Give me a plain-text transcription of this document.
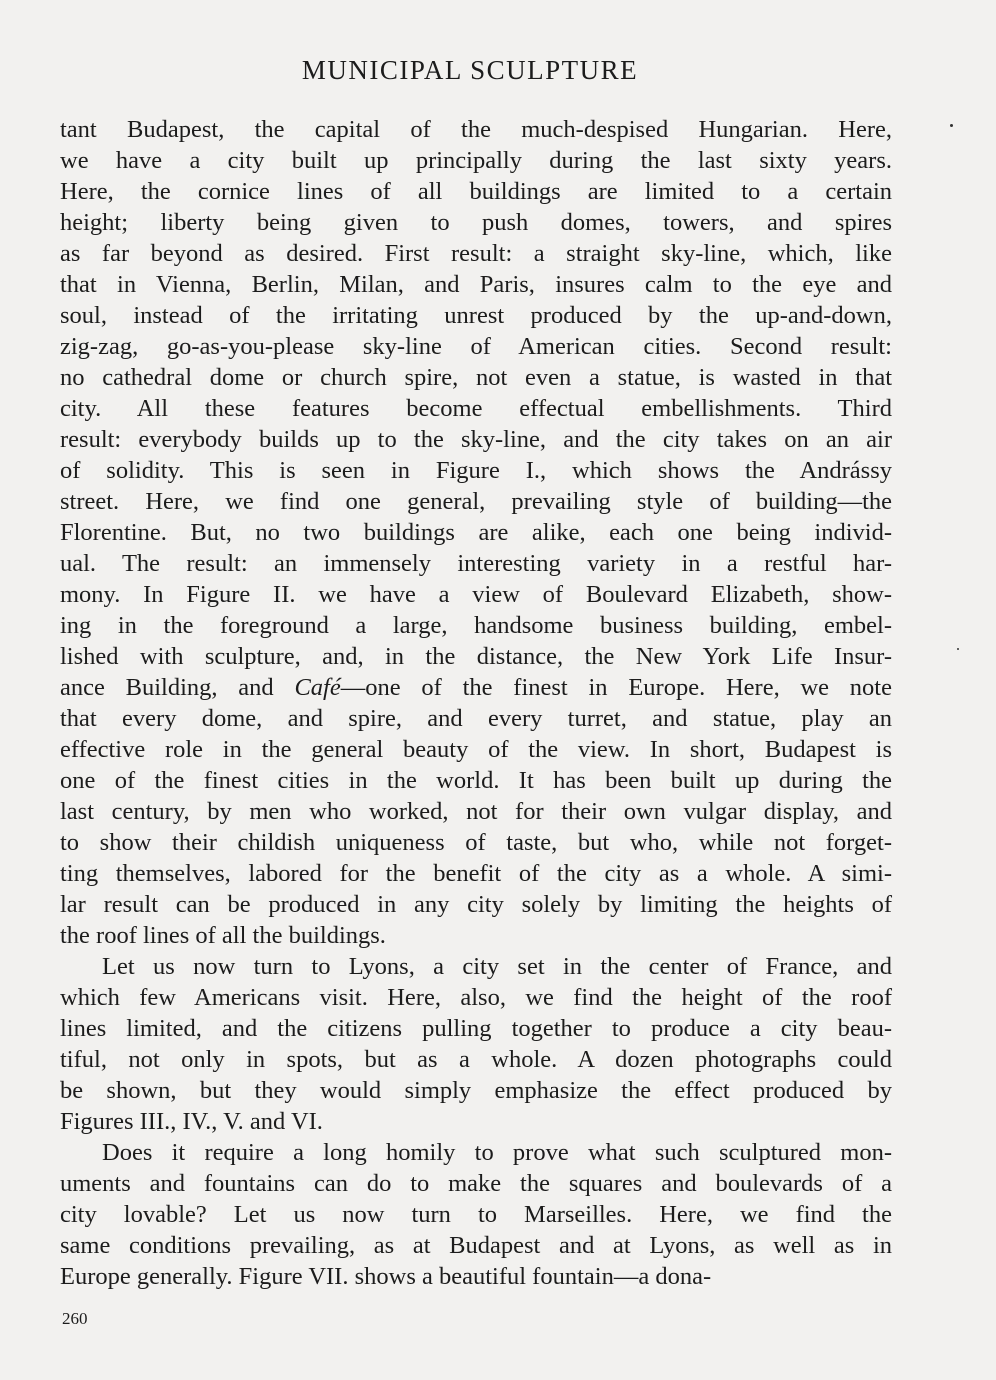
MUNICIPAL SCULPTURE
tant Budapest, the capital of the much-despised Hungarian. Here,
we have a city built up principally during the last sixty years.
Here, the cornice lines of all buildings are limited to a certain
height; liberty being given to push domes, towers, and spires
as far beyond as desired. First result: a straight sky-line, which, like
that in Vienna, Berlin, Milan, and Paris, insures calm to the eye and
soul, instead of the irritating unrest produced by the up-and-down,
zig-zag, go-as-you-please sky-line of American cities. Second result:
no cathedral dome or church spire, not even a statue, is wasted in that
city. All these features become effectual embellishments. Third
result: everybody builds up to the sky-line, and the city takes on an air
of solidity. This is seen in Figure I., which shows the Andrássy
street. Here, we find one general, prevailing style of building—the
Florentine. But, no two buildings are alike, each one being individ-
ual. The result: an immensely interesting variety in a restful har-
mony. In Figure II. we have a view of Boulevard Elizabeth, show-
ing in the foreground a large, handsome business building, embel-
lished with sculpture, and, in the distance, the New York Life Insur-
ance Building, and Café—one of the finest in Europe. Here, we note
that every dome, and spire, and every turret, and statue, play an
effective role in the general beauty of the view. In short, Budapest is
one of the finest cities in the world. It has been built up during the
last century, by men who worked, not for their own vulgar display, and
to show their childish uniqueness of taste, but who, while not forget-
ting themselves, labored for the benefit of the city as a whole. A simi-
lar result can be produced in any city solely by limiting the heights of
the roof lines of all the buildings.
Let us now turn to Lyons, a city set in the center of France, and
which few Americans visit. Here, also, we find the height of the roof
lines limited, and the citizens pulling together to produce a city beau-
tiful, not only in spots, but as a whole. A dozen photographs could
be shown, but they would simply emphasize the effect produced by
Figures III., IV., V. and VI.
Does it require a long homily to prove what such sculptured mon-
uments and fountains can do to make the squares and boulevards of a
city lovable? Let us now turn to Marseilles. Here, we find the
same conditions prevailing, as at Budapest and at Lyons, as well as in
Europe generally. Figure VII. shows a beautiful fountain—a dona-
260
